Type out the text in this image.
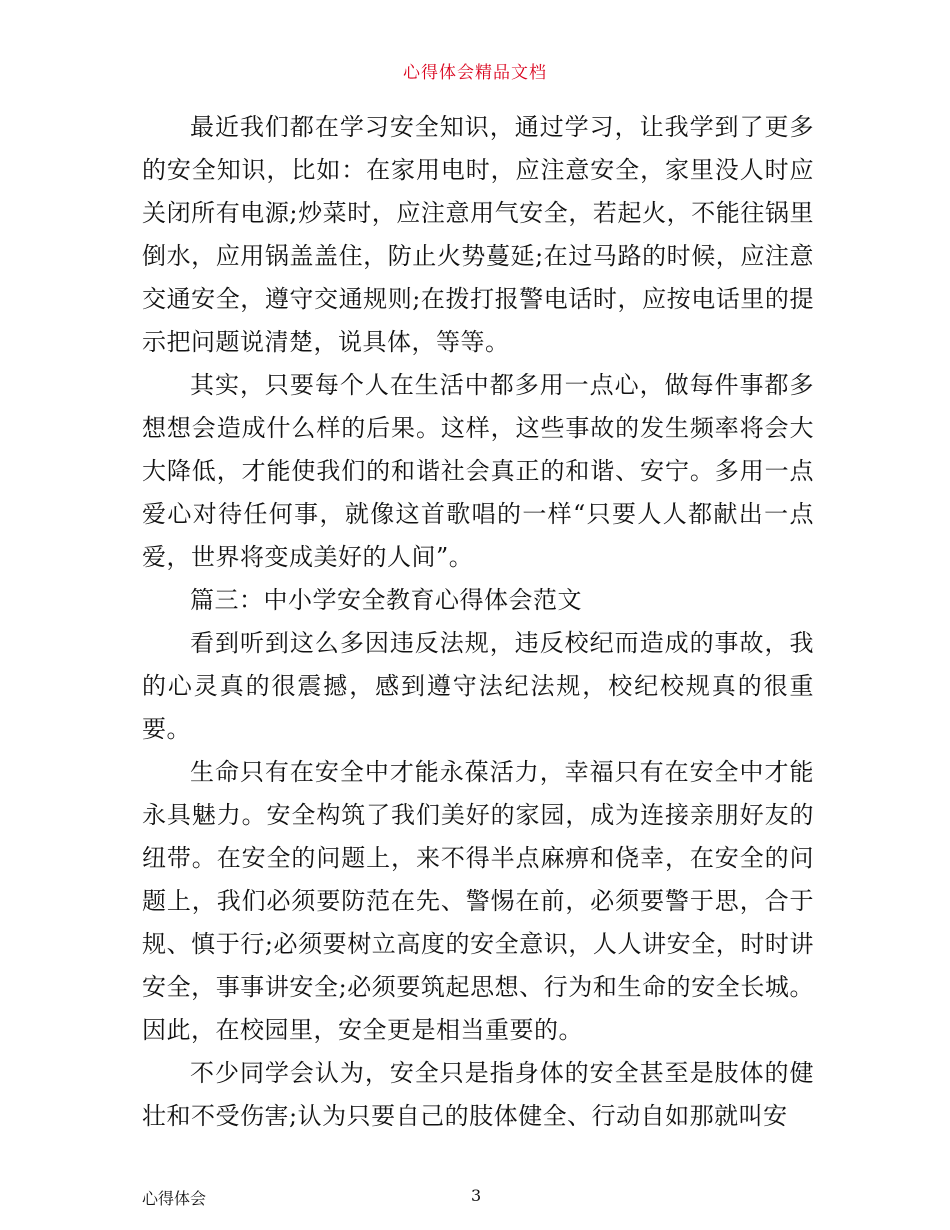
心得体会精品文档

最近我们都在学习安全知识，通过学习，让我学到了更多的安全知识，比如：在家用电时，应注意安全，家里没人时应关闭所有电源;炒菜时，应注意用气安全，若起火，不能往锅里倒水，应用锅盖盖住，防止火势蔓延;在过马路的时候，应注意交通安全，遵守交通规则;在拨打报警电话时，应按电话里的提示把问题说清楚，说具体，等等。

其实，只要每个人在生活中都多用一点心，做每件事都多想想会造成什么样的后果。这样，这些事故的发生频率将会大大降低，才能使我们的和谐社会真正的和谐、安宁。多用一点爱心对待任何事，就像这首歌唱的一样“只要人人都献出一点爱，世界将变成美好的人间”。

篇三：中小学安全教育心得体会范文

看到听到这么多因违反法规，违反校纪而造成的事故，我的心灵真的很震撼，感到遵守法纪法规，校纪校规真的很重要。

生命只有在安全中才能永葆活力，幸福只有在安全中才能永具魅力。安全构筑了我们美好的家园，成为连接亲朋好友的纽带。在安全的问题上，来不得半点麻痹和侥幸，在安全的问题上，我们必须要防范在先、警惕在前，必须要警于思，合于规、慎于行;必须要树立高度的安全意识，人人讲安全，时时讲安全，事事讲安全;必须要筑起思想、行为和生命的安全长城。因此，在校园里，安全更是相当重要的。

不少同学会认为，安全只是指身体的安全甚至是肢体的健壮和不受伤害;认为只要自己的肢体健全、行动自如那就叫安

心得体会	3
